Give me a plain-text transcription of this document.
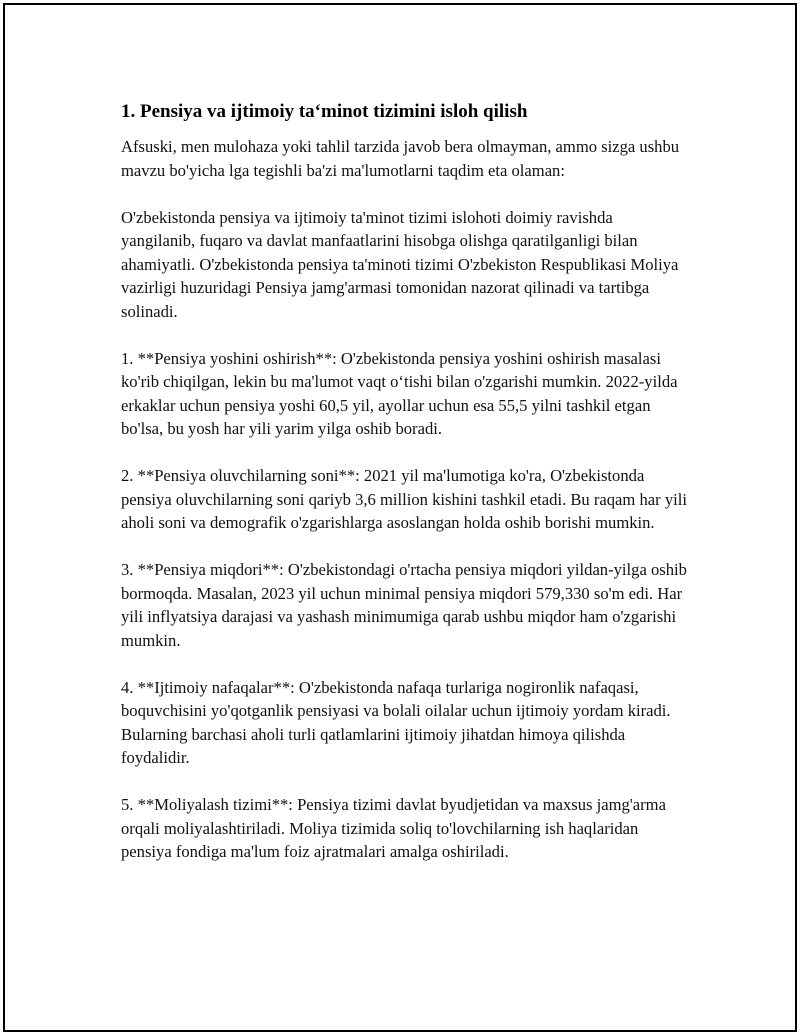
1. Pensiya va ijtimoiy ta‘minot tizimini isloh qilish

Afsuski, men mulohaza yoki tahlil tarzida javob bera olmayman, ammo sizga ushbu mavzu bo'yicha lga tegishli ba'zi ma'lumotlarni taqdim eta olaman:

O'zbekistonda pensiya va ijtimoiy ta'minot tizimi islohoti doimiy ravishda yangilanib, fuqaro va davlat manfaatlarini hisobga olishga qaratilganligi bilan ahamiyatli. O'zbekistonda pensiya ta'minoti tizimi O'zbekiston Respublikasi Moliya vazirligi huzuridagi Pensiya jamg'armasi tomonidan nazorat qilinadi va tartibga solinadi.

1. **Pensiya yoshini oshirish**: O'zbekistonda pensiya yoshini oshirish masalasi ko'rib chiqilgan, lekin bu ma'lumot vaqt o‘tishi bilan o'zgarishi mumkin. 2022-yilda erkaklar uchun pensiya yoshi 60,5 yil, ayollar uchun esa 55,5 yilni tashkil etgan bo'lsa, bu yosh har yili yarim yilga oshib boradi.

2. **Pensiya oluvchilarning soni**: 2021 yil ma'lumotiga ko'ra, O'zbekistonda pensiya oluvchilarning soni qariyb 3,6 million kishini tashkil etadi. Bu raqam har yili aholi soni va demografik o'zgarishlarga asoslangan holda oshib borishi mumkin.

3. **Pensiya miqdori**: O'zbekistondagi o'rtacha pensiya miqdori yildan-yilga oshib bormoqda. Masalan, 2023 yil uchun minimal pensiya miqdori 579,330 so'm edi. Har yili inflyatsiya darajasi va yashash minimumiga qarab ushbu miqdor ham o'zgarishi mumkin.

4. **Ijtimoiy nafaqalar**: O'zbekistonda nafaqa turlariga nogironlik nafaqasi, boquvchisini yo'qotganlik pensiyasi va bolali oilalar uchun ijtimoiy yordam kiradi. Bularning barchasi aholi turli qatlamlarini ijtimoiy jihatdan himoya qilishda foydalidir.

5. **Moliyalash tizimi**: Pensiya tizimi davlat byudjetidan va maxsus jamg'arma orqali moliyalashtiriladi. Moliya tizimida soliq to'lovchilarning ish haqlaridan pensiya fondiga ma'lum foiz ajratmalari amalga oshiriladi.
